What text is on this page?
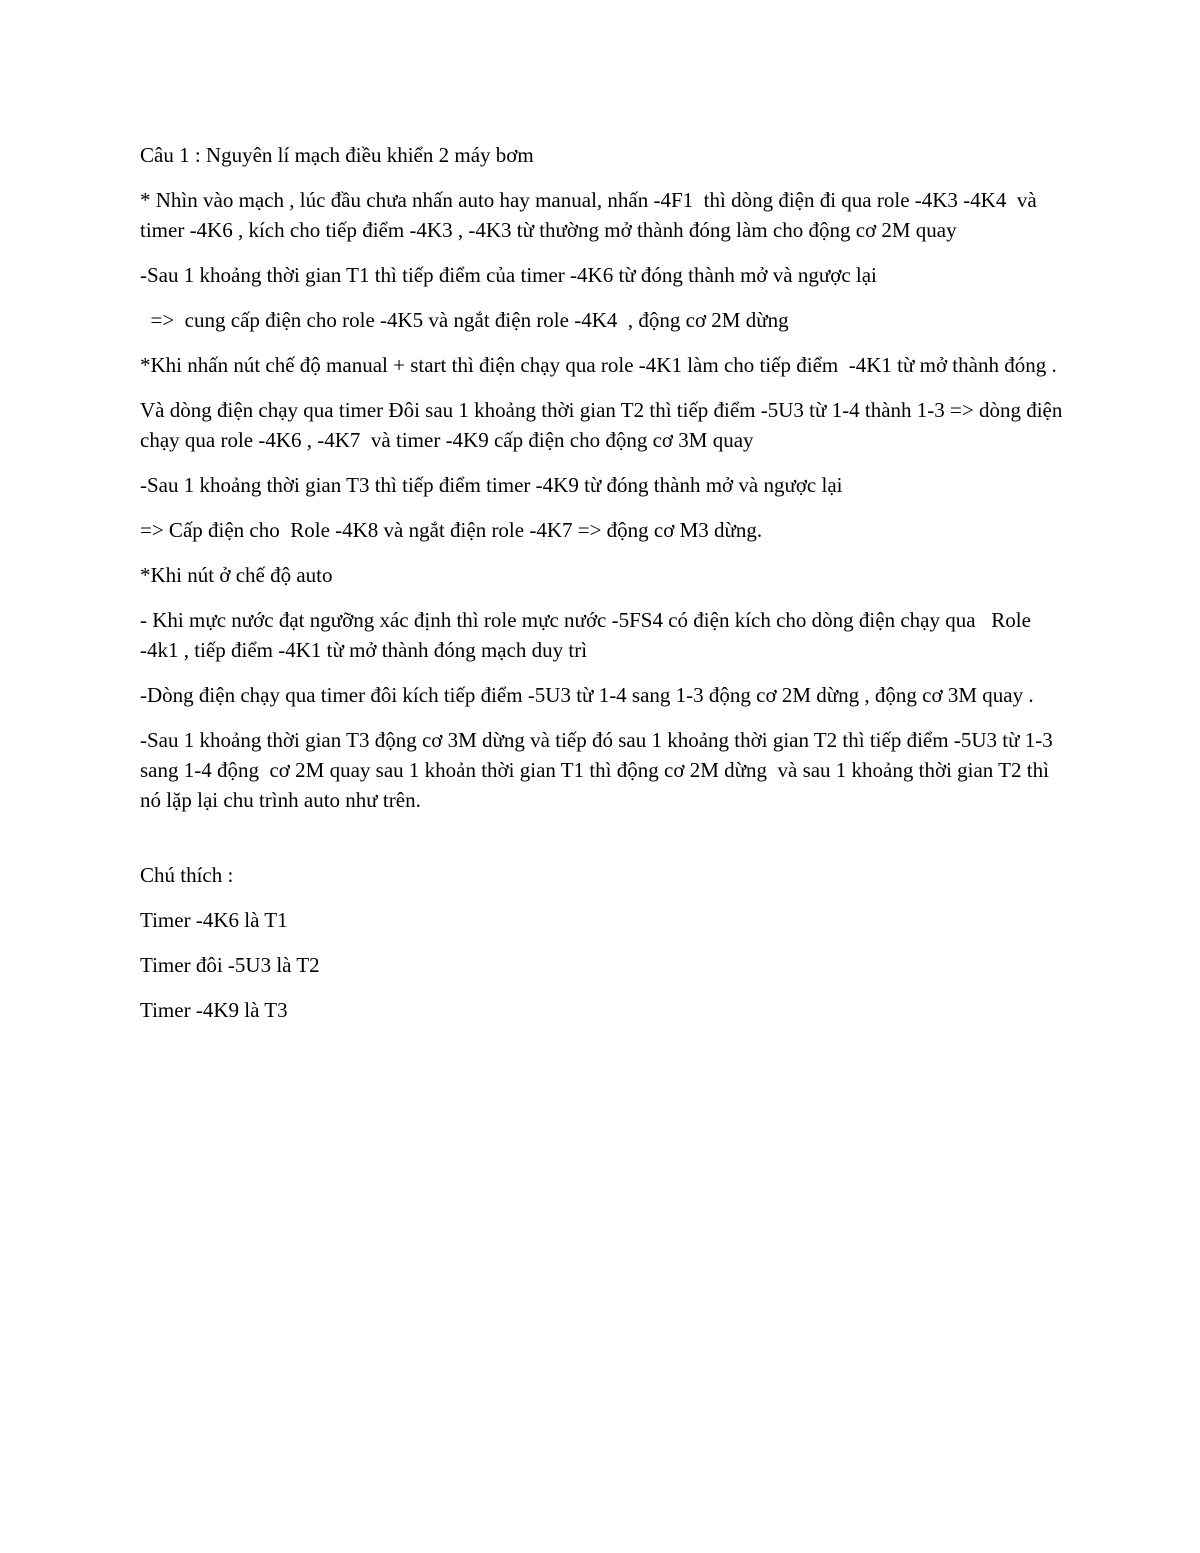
Câu 1 : Nguyên lí mạch điều khiển 2 máy bơm

* Nhìn vào mạch , lúc đầu chưa nhấn auto hay manual, nhấn -4F1  thì dòng điện đi qua role -4K3 -4K4  và timer -4K6 , kích cho tiếp điểm -4K3 , -4K3 từ thường mở thành đóng làm cho động cơ 2M quay

-Sau 1 khoảng thời gian T1 thì tiếp điểm của timer -4K6 từ đóng thành mở và ngược lại

=>  cung cấp điện cho role -4K5 và ngắt điện role -4K4  , động cơ 2M dừng

*Khi nhấn nút chế độ manual + start thì điện chạy qua role -4K1 làm cho tiếp điểm  -4K1 từ mở thành đóng .

Và dòng điện chạy qua timer Đôi sau 1 khoảng thời gian T2 thì tiếp điểm -5U3 từ 1-4 thành 1-3 => dòng điện chạy qua role -4K6 , -4K7  và timer -4K9 cấp điện cho động cơ 3M quay

-Sau 1 khoảng thời gian T3 thì tiếp điểm timer -4K9 từ đóng thành mở và ngược lại

=> Cấp điện cho  Role -4K8 và ngắt điện role -4K7 => động cơ M3 dừng.

*Khi nút ở chế độ auto

- Khi mực nước đạt ngưỡng xác định thì role mực nước -5FS4 có điện kích cho dòng điện chạy qua   Role -4k1 , tiếp điểm -4K1 từ mở thành đóng mạch duy trì

-Dòng điện chạy qua timer đôi kích tiếp điểm -5U3 từ 1-4 sang 1-3 động cơ 2M dừng , động cơ 3M quay .

-Sau 1 khoảng thời gian T3 động cơ 3M dừng và tiếp đó sau 1 khoảng thời gian T2 thì tiếp điểm -5U3 từ 1-3 sang 1-4 động  cơ 2M quay sau 1 khoản thời gian T1 thì động cơ 2M dừng  và sau 1 khoảng thời gian T2 thì nó lặp lại chu trình auto như trên.

Chú thích :

Timer -4K6 là T1

Timer đôi -5U3 là T2

Timer -4K9 là T3
